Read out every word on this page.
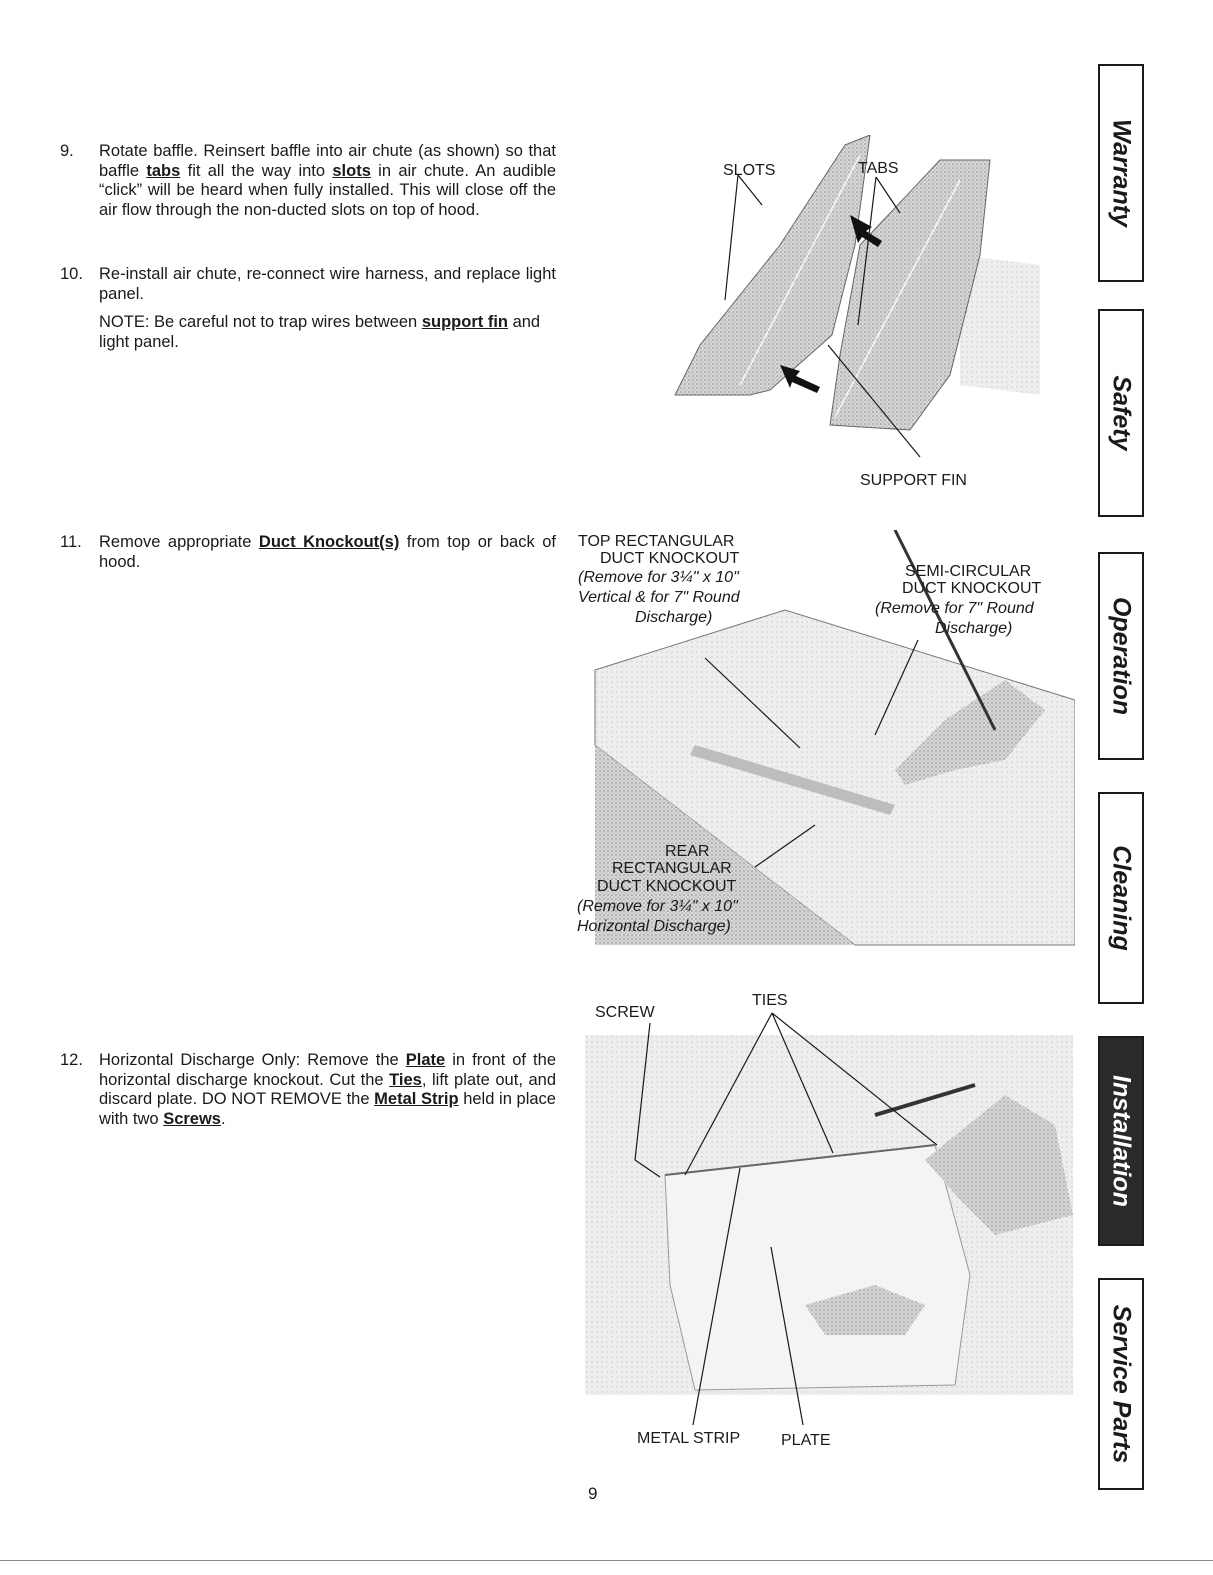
9.	Rotate baffle. Reinsert baffle into air chute (as shown) so that baffle tabs fit all the way into slots in air chute. An audible “click” will be heard when fully installed. This will close off the air flow through the non-ducted slots on top of hood.
10. Re-install air chute, re-connect wire harness, and replace light panel.
NOTE: Be careful not to trap wires between support fin and light panel.
11.	Remove appropriate Duct Knockout(s) from top or back of hood.
12. Horizontal Discharge Only: Remove the Plate in front of the horizontal discharge knockout. Cut the Ties, lift plate out, and discard plate. DO NOT REMOVE the Metal Strip held in place with two Screws.
SLOTS	TABS
SUPPORT FIN
TOP RECTANGULAR
DUCT KNOCKOUT
(Remove for 3¼" x 10"
Vertical & for 7" Round
Discharge)
SEMI-CIRCULAR
DUCT KNOCKOUT
(Remove for 7" Round
Discharge)
REAR
RECTANGULAR
DUCT KNOCKOUT
(Remove for 3¼" x 10"
Horizontal Discharge)
SCREW
TIES
METAL STRIP	PLATE
Warranty
Safety
Operation
Cleaning
Installation
Service Parts
9
